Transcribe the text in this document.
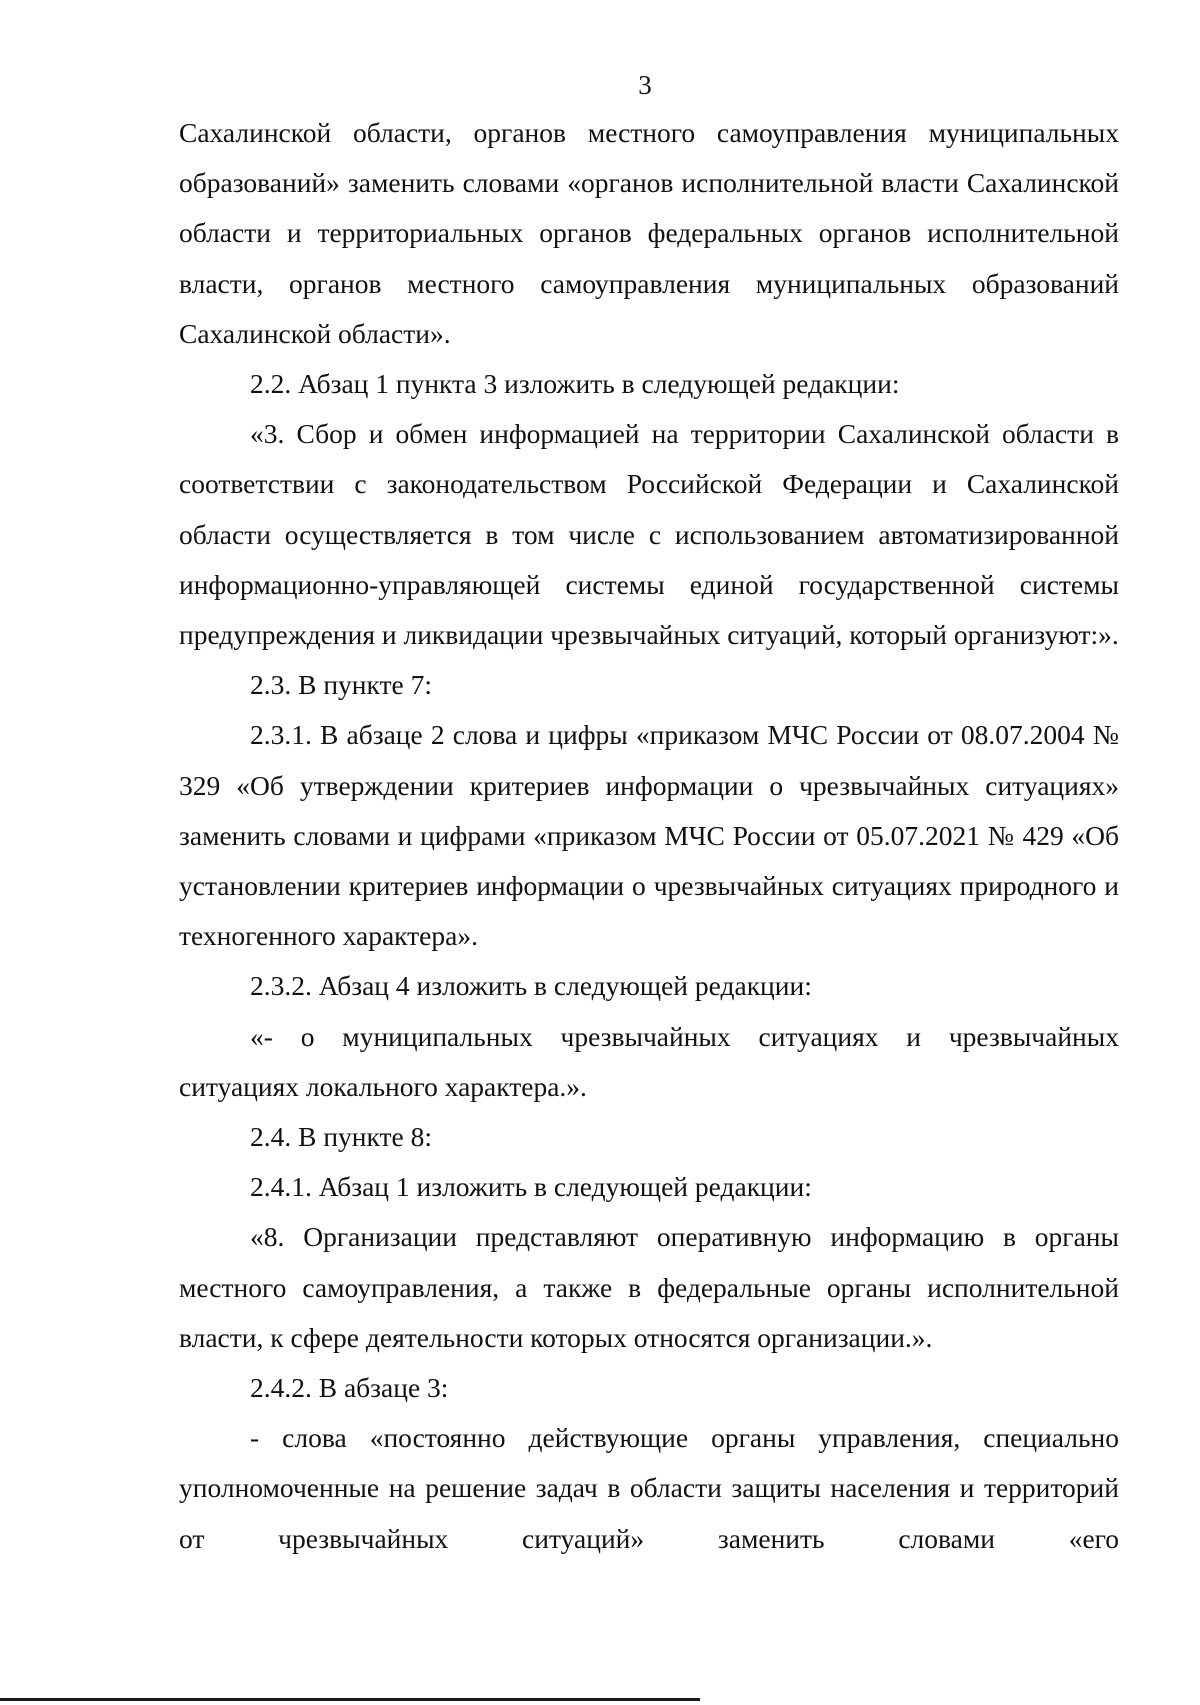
3

Сахалинской области, органов местного самоуправления муниципальных образований» заменить словами «органов исполнительной власти Сахалинской области и территориальных органов федеральных органов исполнительной власти, органов местного самоуправления муниципальных образований Сахалинской области».

2.2. Абзац 1 пункта 3 изложить в следующей редакции:

«3. Сбор и обмен информацией на территории Сахалинской области в соответствии с законодательством Российской Федерации и Сахалинской области осуществляется в том числе с использованием автоматизированной информационно-управляющей системы единой государственной системы предупреждения и ликвидации чрезвычайных ситуаций, который организуют:».

2.3. В пункте 7:

2.3.1. В абзаце 2 слова и цифры «приказом МЧС России от 08.07.2004 № 329 «Об утверждении критериев информации о чрезвычайных ситуациях» заменить словами и цифрами «приказом МЧС России от 05.07.2021 № 429 «Об установлении критериев информации о чрезвычайных ситуациях природного и техногенного характера».

2.3.2. Абзац 4 изложить в следующей редакции:

«- о муниципальных чрезвычайных ситуациях и чрезвычайных ситуациях локального характера.».

2.4. В пункте 8:

2.4.1. Абзац 1 изложить в следующей редакции:

«8. Организации представляют оперативную информацию в органы местного самоуправления, а также в федеральные органы исполнительной власти, к сфере деятельности которых относятся организации.».

2.4.2. В абзаце 3:

- слова «постоянно действующие органы управления, специально уполномоченные на решение задач в области защиты населения и территорий от чрезвычайных ситуаций» заменить словами «его
